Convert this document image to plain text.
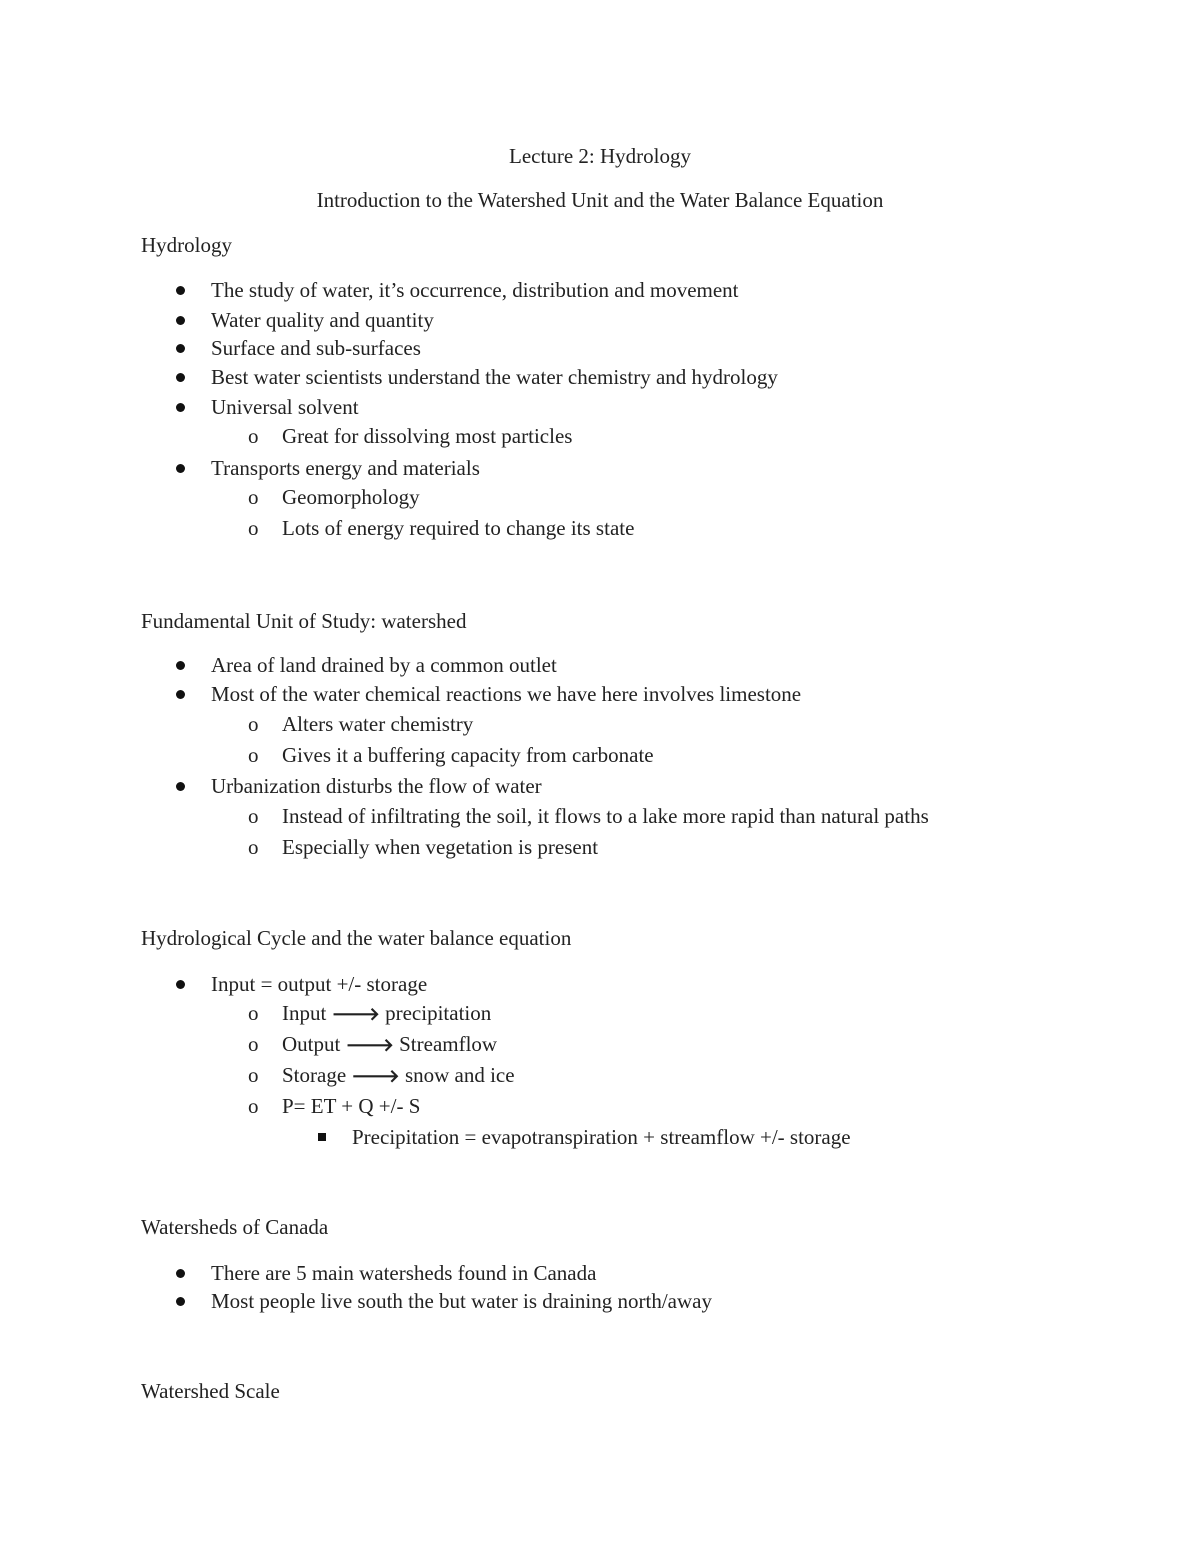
Lecture 2: Hydrology
Introduction to the Watershed Unit and the Water Balance Equation
Hydrology
The study of water, it’s occurrence, distribution and movement
Water quality and quantity
Surface and sub-surfaces
Best water scientists understand the water chemistry and hydrology
Universal solvent
o Great for dissolving most particles
Transports energy and materials
o Geomorphology
o Lots of energy required to change its state
Fundamental Unit of Study: watershed
Area of land drained by a common outlet
Most of the water chemical reactions we have here involves limestone
o Alters water chemistry
o Gives it a buffering capacity from carbonate
Urbanization disturbs the flow of water
o Instead of infiltrating the soil, it flows to a lake more rapid than natural paths
o Especially when vegetation is present
Hydrological Cycle and the water balance equation
Input = output +/- storage
o Input 🡒 precipitation
o Output 🡒 Streamflow
o Storage 🡒 snow and ice
o P= ET + Q +/- S
Precipitation = evapotranspiration + streamflow +/- storage
Watersheds of Canada
There are 5 main watersheds found in Canada
Most people live south the but water is draining north/away
Watershed Scale
